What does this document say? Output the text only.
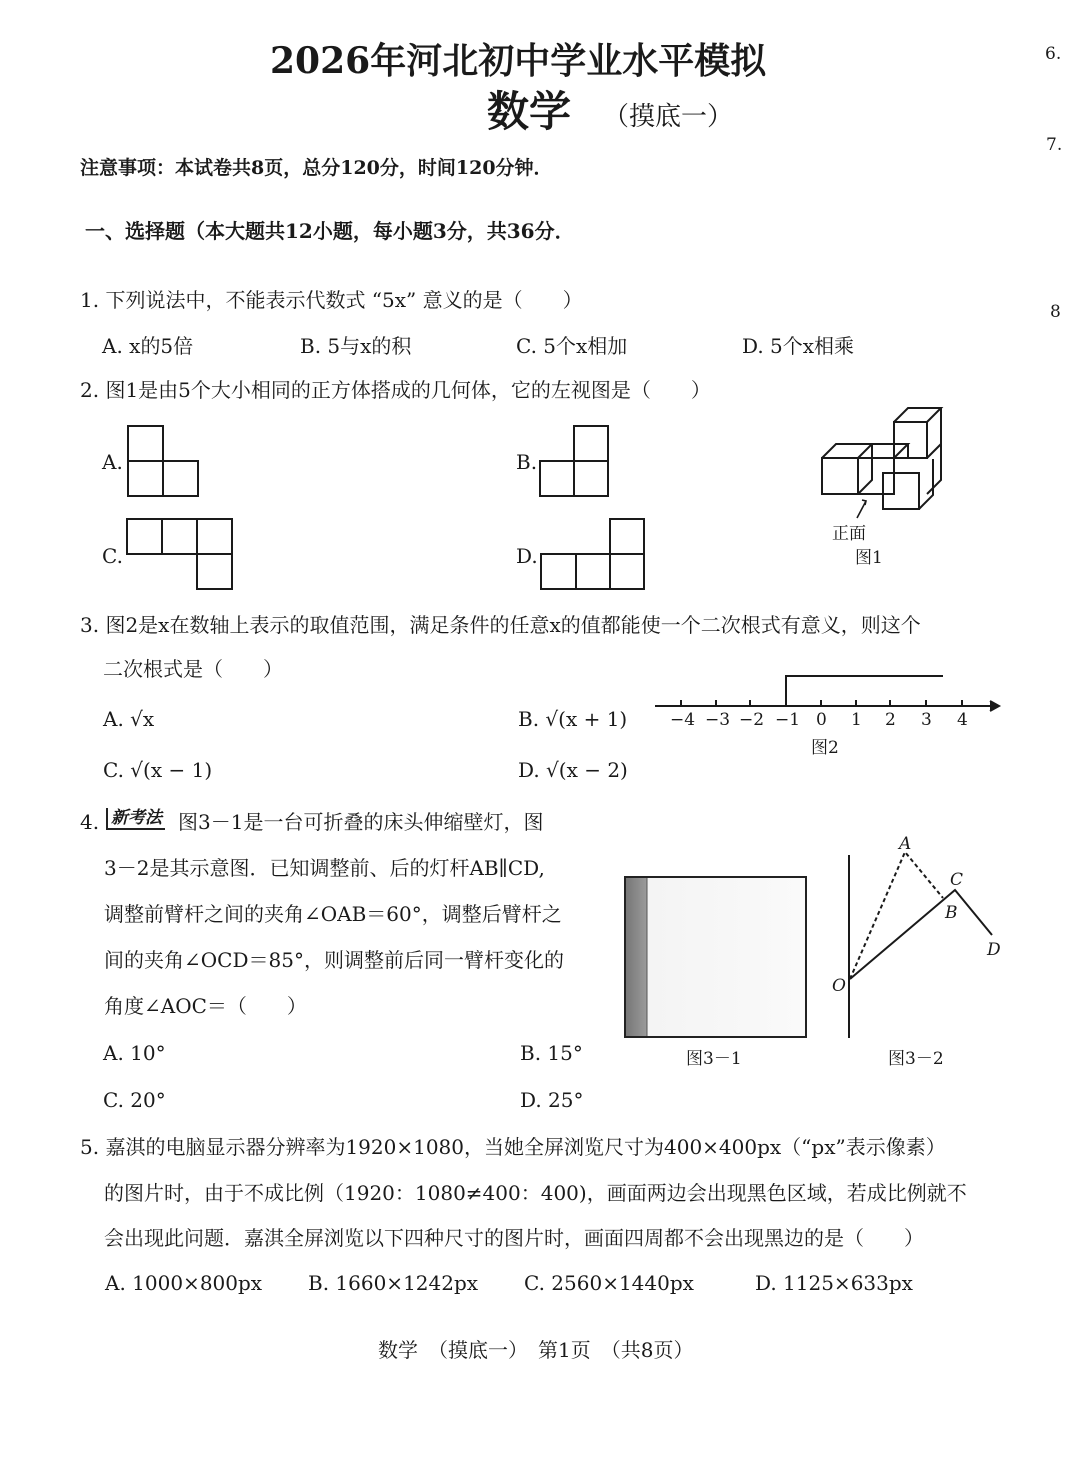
2026年河北初中学业水平模拟
数学 （摸底一）
6.
7.
8
注意事项：本试卷共8页，总分120分，时间120分钟．
一、选择题（本大题共12小题，每小题3分，共36分．
1. 下列说法中，不能表示代数式 “5x” 意义的是（　　）
A. x的5倍	B. 5与x的积	C. 5个x相加	D. 5个x相乘
2. 图1是由5个大小相同的正方体搭成的几何体，它的左视图是（　　）
A.	B.
C.	D.
正面
图1
3. 图2是x在数轴上表示的取值范围，满足条件的任意x的值都能使一个二次根式有意义，则这个
二次根式是（　　）
A. √x	B. √(x + 1)
C. √(x − 1)	D. √(x − 2)
−4 −3 −2 −1 0 1 2 3 4
图2
4. 新考法 图3－1是一台可折叠的床头伸缩壁灯，图
3－2是其示意图．已知调整前、后的灯杆AB∥CD,
调整前臂杆之间的夹角∠OAB＝60°，调整后臂杆之
间的夹角∠OCD＝85°，则调整前后同一臂杆变化的
角度∠AOC＝（　　）
A. 10°	B. 15°
C. 20°	D. 25°
图3－1	图3－2
A
B
C
D
O
5. 嘉淇的电脑显示器分辨率为1920×1080，当她全屏浏览尺寸为400×400px（“px”表示像素）
的图片时，由于不成比例（1920：1080≠400：400)，画面两边会出现黑色区域，若成比例就不
会出现此问题．嘉淇全屏浏览以下四种尺寸的图片时，画面四周都不会出现黑边的是（　　）
A. 1000×800px B. 1660×1242px C. 2560×1440px	D. 1125×633px
数学　（摸底一）　第1页　（共8页）
